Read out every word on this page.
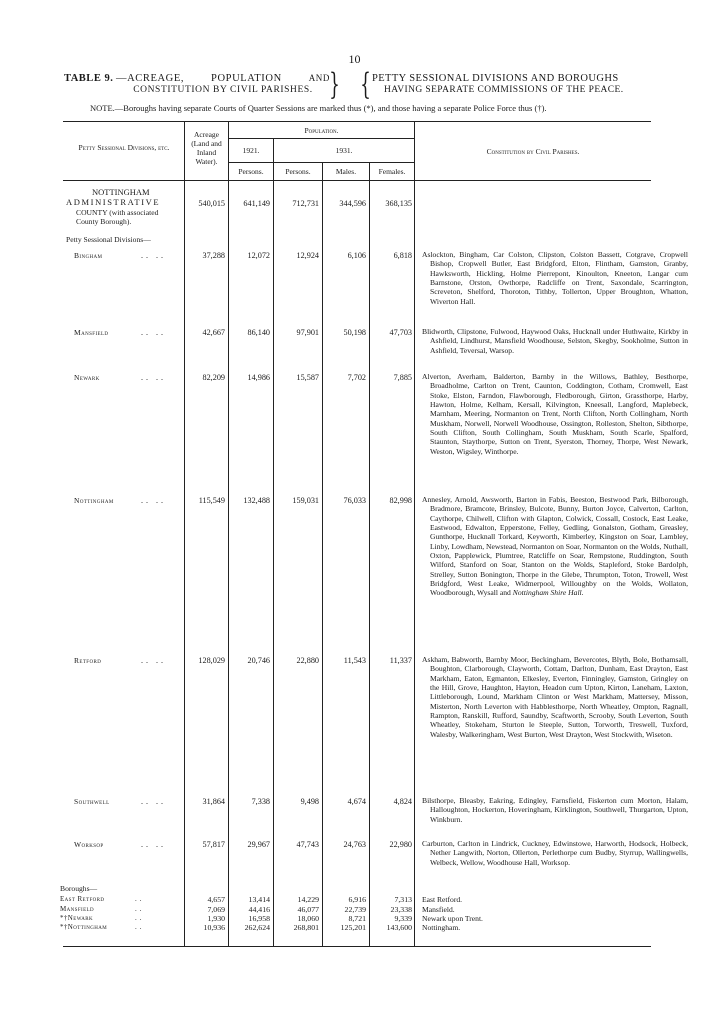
10
TABLE 9. —ACREAGE,	POPULATION	AND
CONSTITUTION BY CIVIL PARISHES. } { PETTY SESSIONAL DIVISIONS AND BOROUGHS
HAVING SEPARATE COMMISSIONS OF THE PEACE.
NOTE.—Boroughs having separate Courts of Quarter Sessions are marked thus (*), and those having a separate Police Force thus (†).
Petty Sessional Divisions, etc.
Acreage
(Land and
Inland
Water).
Population.
1921.	1931.
Persons.	Persons.	Males.	Females.
Constitution by Civil Parishes.
NOTTINGHAM
ADMINISTRATIVE
COUNTY (with associated
County Borough).
540,015	641,149	712,731	344,596	368,135
Petty Sessional Divisions—
Bingham	.. ..	37,288	12,072	12,924	6,106	6,818 Aslockton, Bingham, Car Colston, Clipston, Colston Bassett, Cotgrave, Cropwell Bishop, Cropwell Butler, East Bridgford, Elton, Flintham, Gamston, Granby, Hawksworth, Hickling, Holme Pierrepont, Kinoulton, Kneeton, Langar cum Barnstone, Orston, Owthorpe, Radcliffe on Trent, Saxondale, Scarrington, Screveton, Shelford, Thoroton, Tithby, Tollerton, Upper Broughton, Whatton, Wiverton Hall.
Mansfield	.. ..	42,667	86,140	97,901	50,198	47,703 Blidworth, Clipstone, Fulwood, Haywood Oaks, Hucknall under Huthwaite, Kirkby in Ashfield, Lindhurst, Mansfield Woodhouse, Selston, Skegby, Sookholme, Sutton in Ashfield, Teversal, Warsop.
Newark	.. ..	82,209	14,986	15,587	7,702	7,885 Alverton, Averham, Balderton, Barnby in the Willows, Bathley, Besthorpe, Broadholme, Carlton on Trent, Caunton, Coddington, Cotham, Cromwell, East Stoke, Elston, Farndon, Flawborough, Fledborough, Girton, Grassthorpe, Harby, Hawton, Holme, Kelham, Kersall, Kilvington, Kneesall, Langford, Maplebeck, Marnham, Meering, Normanton on Trent, North Clifton, North Collingham, North Muskham, Norwell, Norwell Woodhouse, Ossington, Rolleston, Shelton, Sibthorpe, South Clifton, South Collingham, South Muskham, South Scarle, Spalford, Staunton, Staythorpe, Sutton on Trent, Syerston, Thorney, Thorpe, West Newark, Weston, Wigsley, Winthorpe.
Nottingham	.. ..	115,549	132,488	159,031	76,033	82,998 Annesley, Arnold, Awsworth, Barton in Fabis, Beeston, Bestwood Park, Bilborough, Bradmore, Bramcote, Brinsley, Bulcote, Bunny, Burton Joyce, Calverton, Carlton, Caythorpe, Chilwell, Clifton with Glapton, Colwick, Cossall, Costock, East Leake, Eastwood, Edwalton, Epperstone, Felley, Gedling, Gonalston, Gotham, Greasley, Gunthorpe, Hucknall Torkard, Keyworth, Kimberley, Kingston on Soar, Lambley, Linby, Lowdham, Newstead, Normanton on Soar, Normanton on the Wolds, Nuthall, Oxton, Papplewick, Plumtree, Ratcliffe on Soar, Rempstone, Ruddington, South Wilford, Stanford on Soar, Stanton on the Wolds, Stapleford, Stoke Bardolph, Strelley, Sutton Bonington, Thorpe in the Glebe, Thrumpton, Toton, Trowell, West Bridgford, West Leake, Widmerpool, Willoughby on the Wolds, Wollaton, Woodborough, Wysall and Nottingham Shire Hall.
Retford	.. ..	128,029	20,746	22,880	11,543	11,337 Askham, Babworth, Barnby Moor, Beckingham, Bevercotes, Blyth, Bole, Bothamsall, Boughton, Clarborough, Clayworth, Cottam, Darlton, Dunham, East Drayton, East Markham, Eaton, Egmanton, Elkesley, Everton, Finningley, Gamston, Gringley on the Hill, Grove, Haughton, Hayton, Headon cum Upton, Kirton, Laneham, Laxton, Littleborough, Lound, Markham Clinton or West Markham, Mattersey, Misson, Misterton, North Leverton with Habblesthorpe, North Wheatley, Ompton, Ragnall, Rampton, Ranskill, Rufford, Saundby, Scaftworth, Scrooby, South Leverton, South Wheatley, Stokeham, Sturton le Steeple, Sutton, Torworth, Treswell, Tuxford, Walesby, Walkeringham, West Burton, West Drayton, West Stockwith, Wiseton.
Southwell	.. ..	31,864	7,338	9,498	4,674	4,824 Bilsthorpe, Bleasby, Eakring, Edingley, Farnsfield, Fiskerton cum Morton, Halam, Halloughton, Hockerton, Hoveringham, Kirklington, Southwell, Thurgarton, Upton, Winkburn.
Worksop	.. ..	57,817	29,967	47,743	24,763	22,980 Carburton, Carlton in Lindrick, Cuckney, Edwinstowe, Harworth, Hodsock, Holbeck, Nether Langwith, Norton, Ollerton, Perlethorpe cum Budby, Styrrup, Wallingwells, Welbeck, Wellow, Woodhouse Hall, Worksop.
Boroughs—
East Retford	..	4,657	13,414	14,229	6,916	7,313 East Retford.
Mansfield	..	7,069	44,416	46,077	22,739	23,338 Mansfield.
*†Newark	..	1,930	16,958	18,060	8,721	9,339 Newark upon Trent.
*†Nottingham	..	10,936	262,624	268,801	125,201	143,600 Nottingham.
